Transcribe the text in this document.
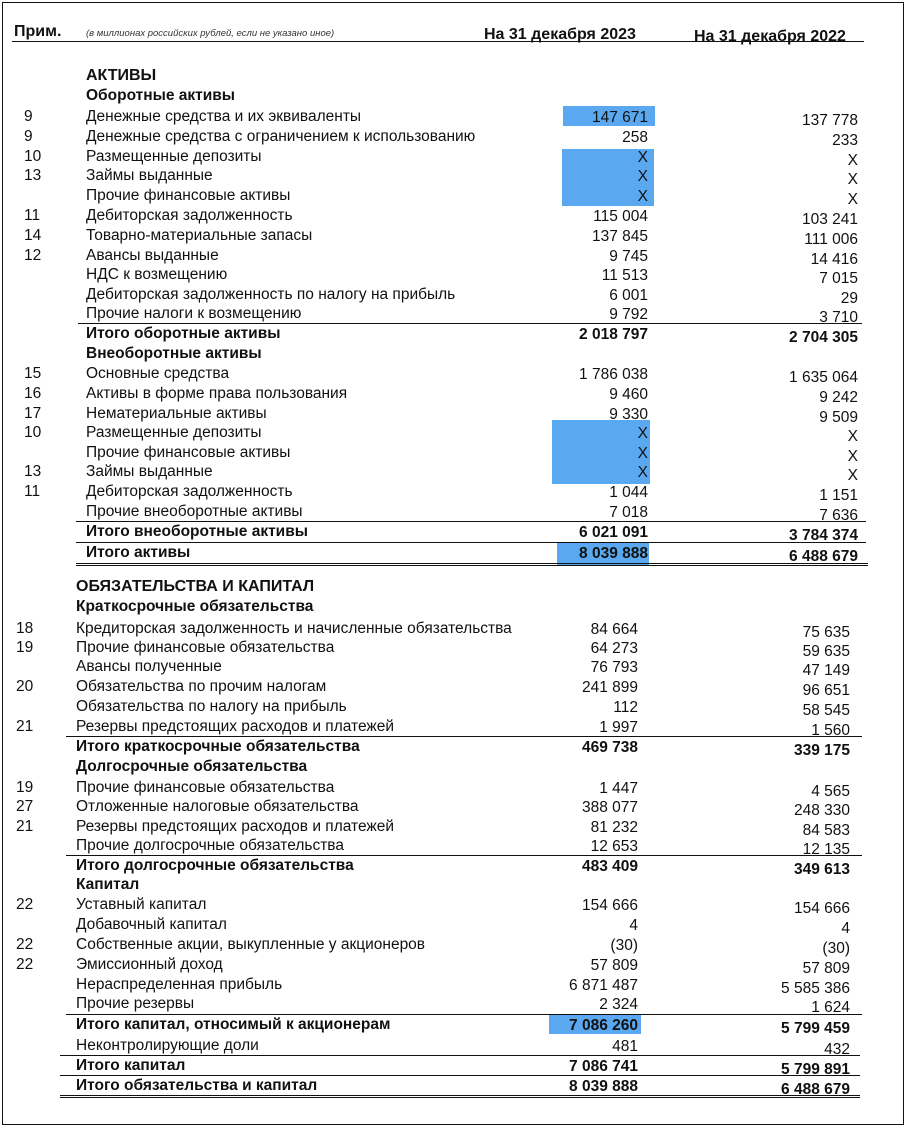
Прим.	(в миллионах российских рублей, если не указано иное)	На 31 декабря 2023	На 31 декабря 2022
АКТИВЫ
Оборотные активы
9	Денежные средства и их эквиваленты	147 671	137 778
9	Денежные средства с ограничением к использованию	258	233
10	Размещенные депозиты	X	X
13	Займы выданные	X	X
Прочие финансовые активы	X	X
11	Дебиторская задолженность	115 004	103 241
14	Товарно-материальные запасы	137 845	111 006
12	Авансы выданные	9 745	14 416
НДС к возмещению	11 513	7 015
Дебиторская задолженность по налогу на прибыль	6 001	29
Прочие налоги к возмещению	9 792	3 710
Итого оборотные активы	2 018 797	2 704 305
Внеоборотные активы
15	Основные средства	1 786 038	1 635 064
16	Активы в форме права пользования	9 460	9 242
17	Нематериальные активы	9 330	9 509
10	Размещенные депозиты	X	X
Прочие финансовые активы	X	X
13	Займы выданные	X	X
11	Дебиторская задолженность	1 044	1 151
Прочие внеоборотные активы	7 018	7 636
Итого внеоборотные активы	6 021 091	3 784 374
Итого активы	8 039 888	6 488 679
ОБЯЗАТЕЛЬСТВА И КАПИТАЛ
Краткосрочные обязательства
18	Кредиторская задолженность и начисленные обязательства	84 664	75 635
19	Прочие финансовые обязательства	64 273	59 635
Авансы полученные	76 793	47 149
20	Обязательства по прочим налогам	241 899	96 651
Обязательства по налогу на прибыль	112	58 545
21	Резервы предстоящих расходов и платежей	1 997	1 560
Итого краткосрочные обязательства	469 738	339 175
Долгосрочные обязательства
19	Прочие финансовые обязательства	1 447	4 565
27	Отложенные налоговые обязательства	388 077	248 330
21	Резервы предстоящих расходов и платежей	81 232	84 583
Прочие долгосрочные обязательства	12 653	12 135
Итого долгосрочные обязательства	483 409	349 613
Капитал
22	Уставный капитал	154 666	154 666
Добавочный капитал	4	4
22	Собственные акции, выкупленные у акционеров	(30)	(30)
22	Эмиссионный доход	57 809	57 809
Нераспределенная прибыль	6 871 487	5 585 386
Прочие резервы	2 324	1 624
Итого капитал, относимый к акционерам	7 086 260	5 799 459
Неконтролирующие доли	481	432
Итого капитал	7 086 741	5 799 891
Итого обязательства и капитал	8 039 888	6 488 679
